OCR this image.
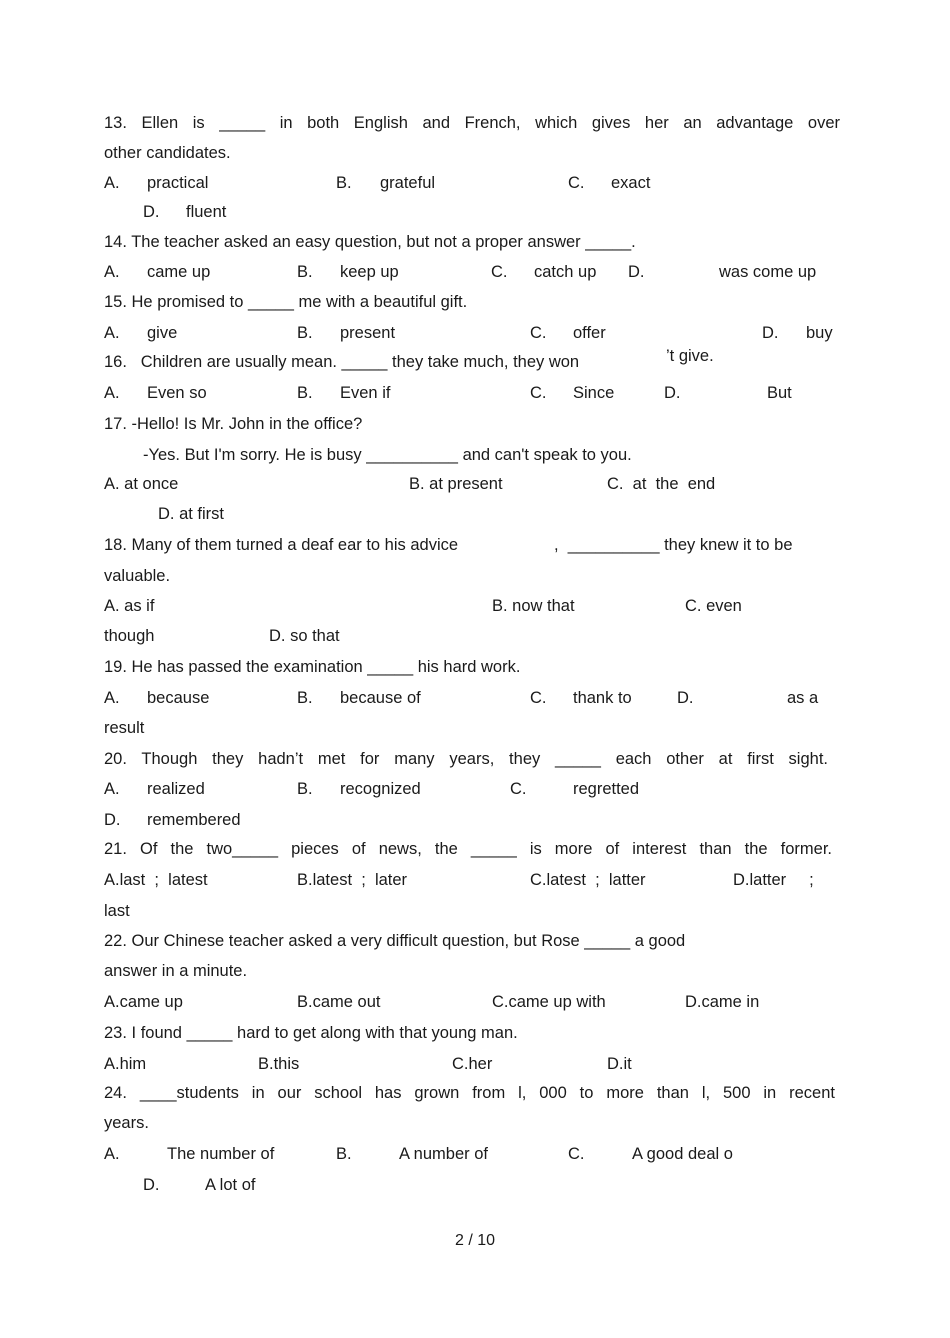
13. Ellen is _____ in both English and French, which gives her an advantage over
other candidates.
A. practical	B. grateful	C. exact
D. fluent
14. The teacher asked an easy question, but not a proper answer _____.
A. came up	B. keep up	C. catch up D.	was come up
15. He promised to _____ me with a beautiful gift.
A. give	B. present	C. offer	D. buy
16.   Children are usually mean. _____ they take much, they won	’t give.
A. Even so	B. Even if	C. Since	D.	But
17. -Hello! Is Mr. John in the office?
-Yes. But I'm sorry. He is busy __________ and can't speak to you.
A. at once	B. at present	C.  at  the  end
D. at first
18. Many of them turned a deaf ear to his advice	,  __________ they knew it to be
valuable.
A. as if	B. now that	C. even
though	D. so that
19. He has passed the examination _____ his hard work.
A. because	B. because of	C. thank to	D.	as a
result
20. Though they hadn’t met for many years, they _____ each other at first sight.
A. realized	B. recognized	C.	regretted
D. remembered
21. Of the two_____ pieces of news, the _____ is more of interest than the former.
A.last  ;  latest	B.latest  ;  later	C.latest  ;  latter	D.latter     ;
last
22. Our Chinese teacher asked a very difficult question, but Rose _____ a good
answer in a minute.
A.came up	B.came out	C.came up with	D.came in
23. I found _____ hard to get along with that young man.
A.him	B.this	C.her	D.it
24. ____students in our school has grown from l, 000 to more than l, 500 in recent
years.
A.	The number of	B.	A number of	C.	A good deal o
D.	A lot of
2 / 10
